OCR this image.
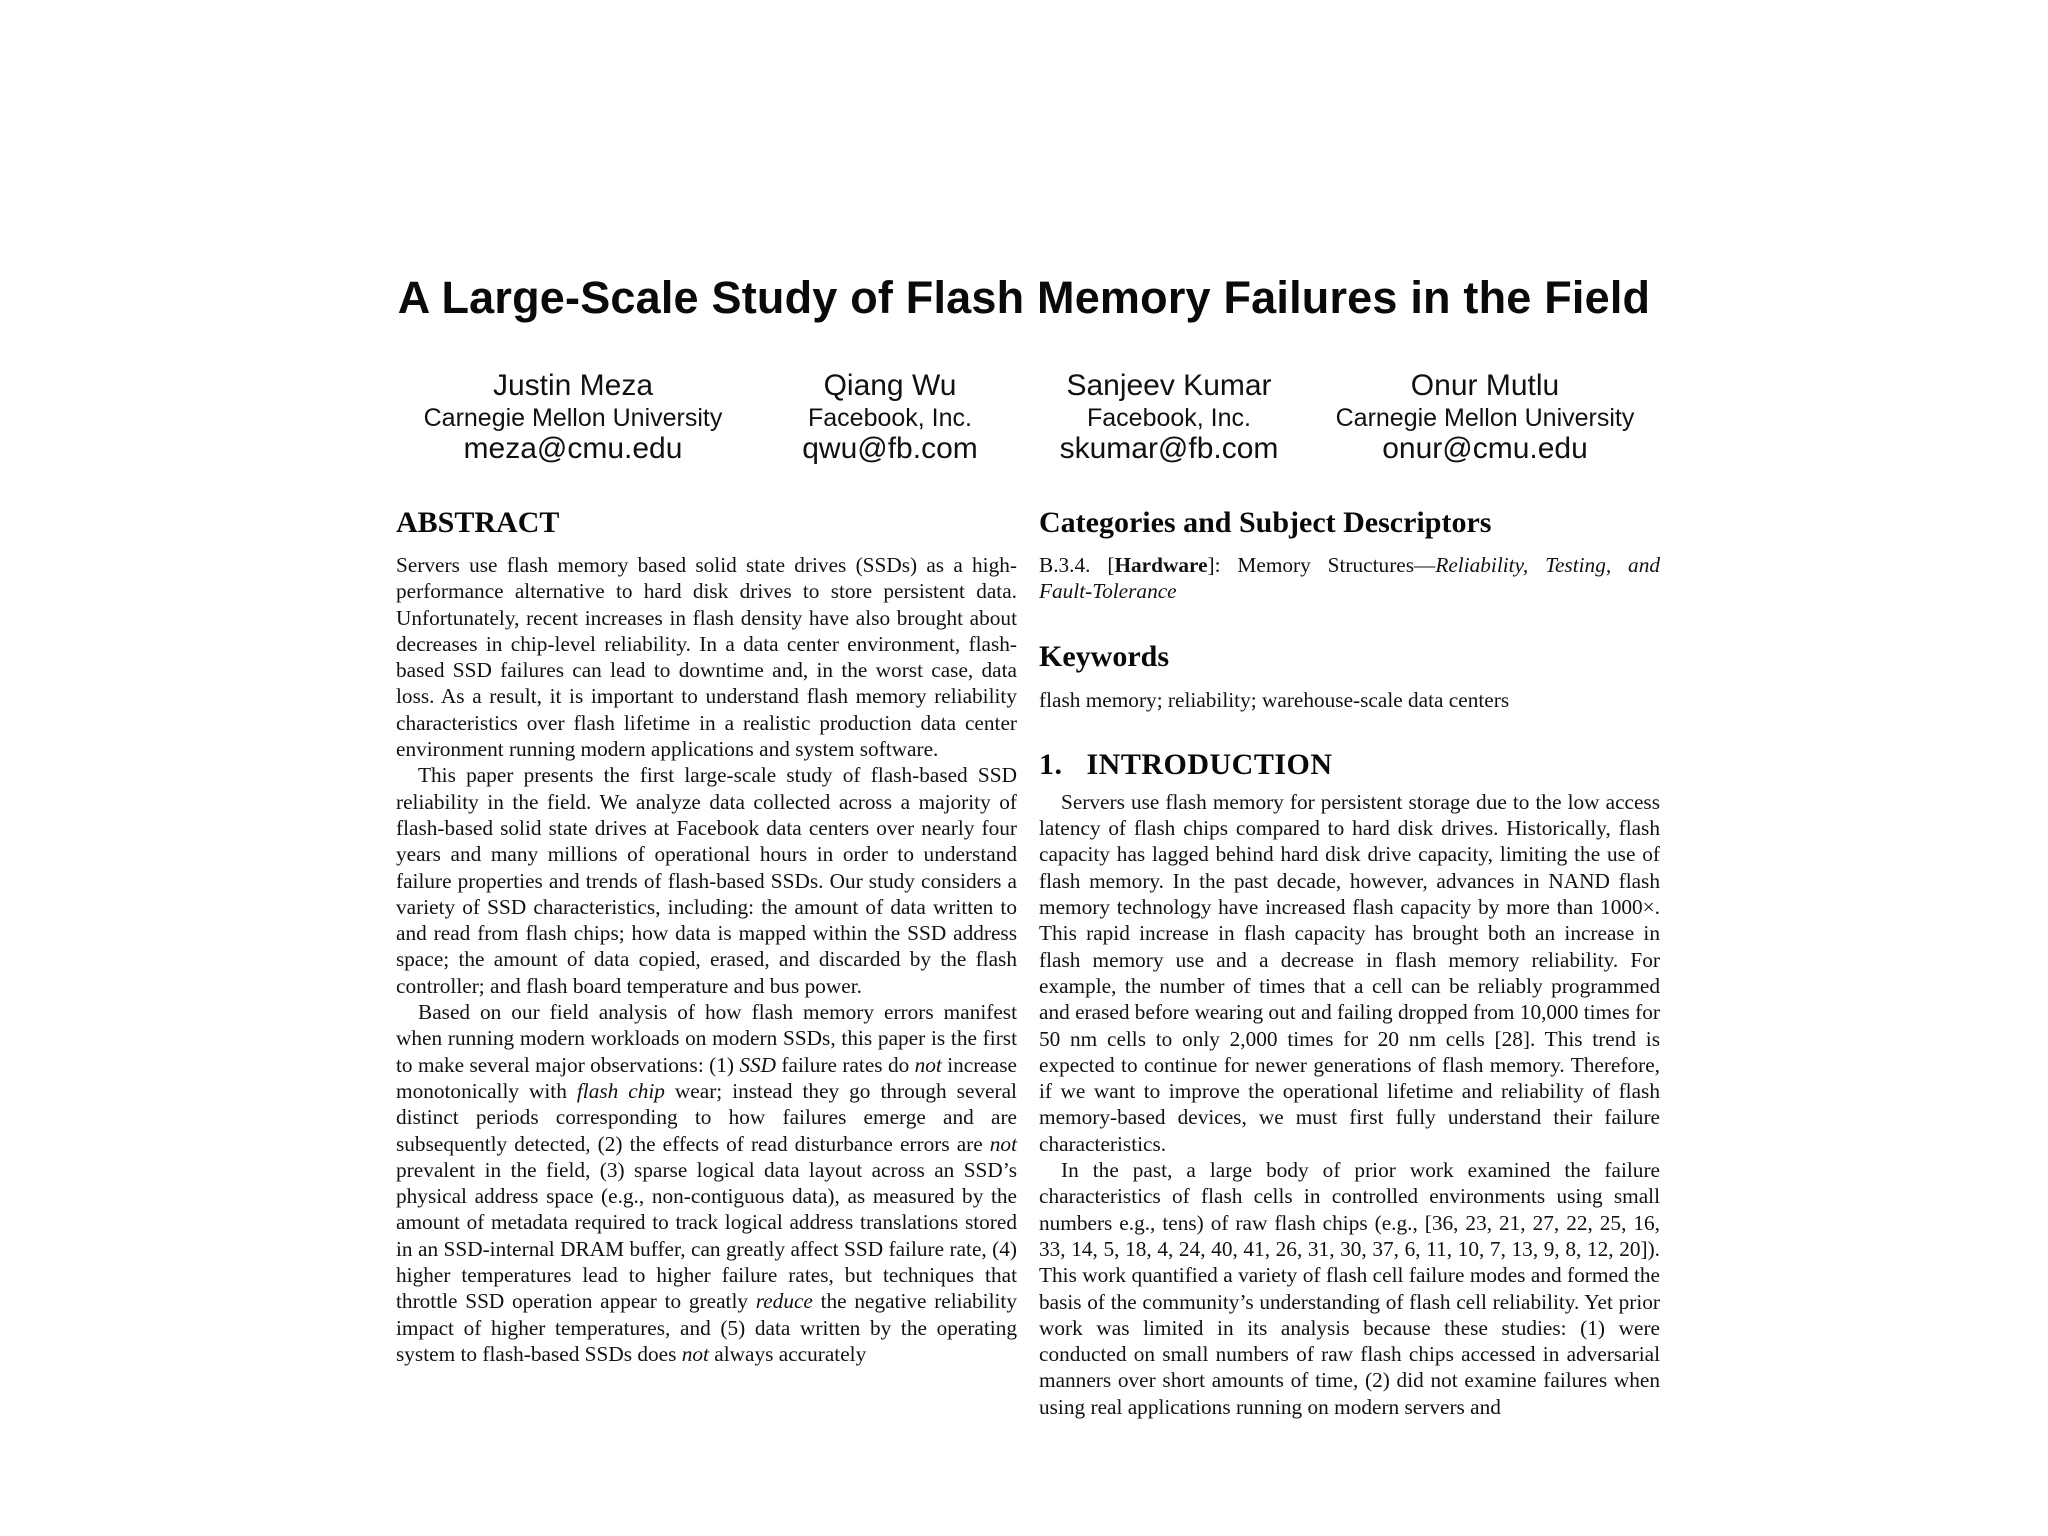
A Large-Scale Study of Flash Memory Failures in the Field
Justin Meza
Carnegie Mellon University
meza@cmu.edu
Qiang Wu
Facebook, Inc.
qwu@fb.com
Sanjeev Kumar
Facebook, Inc.
skumar@fb.com
Onur Mutlu
Carnegie Mellon University
onur@cmu.edu
ABSTRACT

Servers use flash memory based solid state drives (SSDs) as a high-performance alternative to hard disk drives to store persistent data. Unfortunately, recent increases in flash density have also brought about decreases in chip-level reliability. In a data center environment, flash-based SSD failures can lead to downtime and, in the worst case, data loss. As a result, it is important to understand flash memory reliability characteristics over flash lifetime in a realistic production data center environment running modern applications and system software.

This paper presents the first large-scale study of flash-based SSD reliability in the field. We analyze data collected across a majority of flash-based solid state drives at Facebook data centers over nearly four years and many millions of operational hours in order to understand failure properties and trends of flash-based SSDs. Our study considers a variety of SSD characteristics, including: the amount of data written to and read from flash chips; how data is mapped within the SSD address space; the amount of data copied, erased, and discarded by the flash controller; and flash board temperature and bus power.

Based on our field analysis of how flash memory errors manifest when running modern workloads on modern SSDs, this paper is the first to make several major observations: (1) SSD failure rates do not increase monotonically with flash chip wear; instead they go through several distinct periods corresponding to how failures emerge and are subsequently detected, (2) the effects of read disturbance errors are not prevalent in the field, (3) sparse logical data layout across an SSD’s physical address space (e.g., non-contiguous data), as measured by the amount of metadata required to track logical address translations stored in an SSD-internal DRAM buffer, can greatly affect SSD failure rate, (4) higher temperatures lead to higher failure rates, but techniques that throttle SSD operation appear to greatly reduce the negative reliability impact of higher temperatures, and (5) data written by the operating system to flash-based SSDs does not always accurately

Categories and Subject Descriptors

B.3.4. [Hardware]: Memory Structures—Reliability, Testing, and Fault-Tolerance

Keywords

flash memory; reliability; warehouse-scale data centers

1.   INTRODUCTION

Servers use flash memory for persistent storage due to the low access latency of flash chips compared to hard disk drives. Historically, flash capacity has lagged behind hard disk drive capacity, limiting the use of flash memory. In the past decade, however, advances in NAND flash memory technology have increased flash capacity by more than 1000×. This rapid increase in flash capacity has brought both an increase in flash memory use and a decrease in flash memory reliability. For example, the number of times that a cell can be reliably programmed and erased before wearing out and failing dropped from 10,000 times for 50 nm cells to only 2,000 times for 20 nm cells [28]. This trend is expected to continue for newer generations of flash memory. Therefore, if we want to improve the operational lifetime and reliability of flash memory-based devices, we must first fully understand their failure characteristics.

In the past, a large body of prior work examined the failure characteristics of flash cells in controlled environments using small numbers e.g., tens) of raw flash chips (e.g., [36, 23, 21, 27, 22, 25, 16, 33, 14, 5, 18, 4, 24, 40, 41, 26, 31, 30, 37, 6, 11, 10, 7, 13, 9, 8, 12, 20]). This work quantified a variety of flash cell failure modes and formed the basis of the community’s understanding of flash cell reliability. Yet prior work was limited in its analysis because these studies: (1) were conducted on small numbers of raw flash chips accessed in adversarial manners over short amounts of time, (2) did not examine failures when using real applications running on modern servers and
